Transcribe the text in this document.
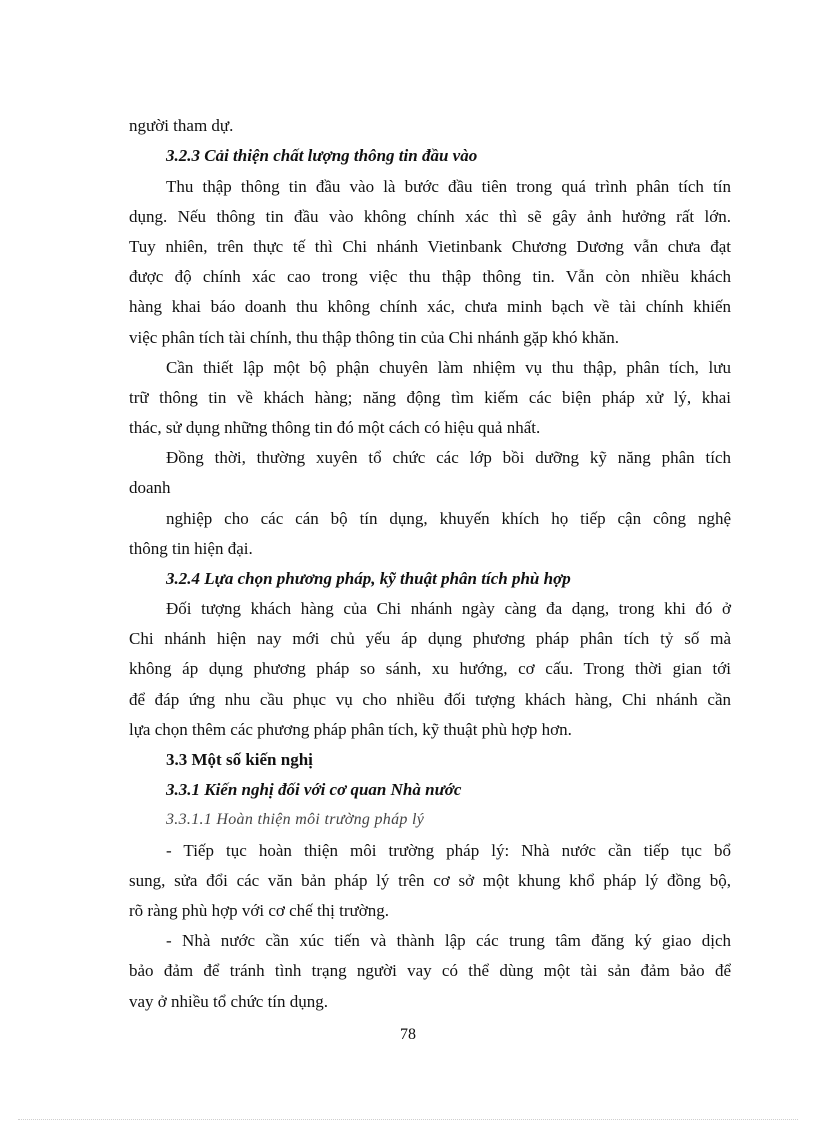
người tham dự.
3.2.3 Cải thiện chất lượng thông tin đầu vào
Thu thập thông tin đầu vào là bước đầu tiên trong quá trình phân tích tín
dụng. Nếu thông tin đầu vào không chính xác thì sẽ gây ảnh hưởng rất lớn.
Tuy nhiên, trên thực tế thì Chi nhánh Vietinbank Chương Dương vẫn chưa đạt
được độ chính xác cao trong việc thu thập thông tin. Vẫn còn nhiều khách
hàng khai báo doanh thu không chính xác, chưa minh bạch về tài chính khiến
việc phân tích tài chính, thu thập thông tin của Chi nhánh gặp khó khăn.
Cần thiết lập một bộ phận chuyên làm nhiệm vụ thu thập, phân tích, lưu
trữ thông tin về khách hàng; năng động tìm kiếm các biện pháp xử lý, khai
thác, sử dụng những thông tin đó một cách có hiệu quả nhất.
Đồng thời, thường xuyên tổ chức các lớp bồi dưỡng kỹ năng phân tích
doanh
nghiệp cho các cán bộ tín dụng, khuyến khích họ tiếp cận công nghệ
thông tin hiện đại.
3.2.4 Lựa chọn phương pháp, kỹ thuật phân tích phù hợp
Đối tượng khách hàng của Chi nhánh ngày càng đa dạng, trong khi đó ở
Chi nhánh hiện nay mới chủ yếu áp dụng phương pháp phân tích tỷ số mà
không áp dụng phương pháp so sánh, xu hướng, cơ cấu. Trong thời gian tới
để đáp ứng nhu cầu phục vụ cho nhiều đối tượng khách hàng, Chi nhánh cần
lựa chọn thêm các phương pháp phân tích, kỹ thuật phù hợp hơn.
3.3 Một số kiến nghị
3.3.1 Kiến nghị đối với cơ quan Nhà nước
3.3.1.1 Hoàn thiện môi trường pháp lý
- Tiếp tục hoàn thiện môi trường pháp lý: Nhà nước cần tiếp tục bổ
sung, sửa đổi các văn bản pháp lý trên cơ sở một khung khổ pháp lý đồng bộ,
rõ ràng phù hợp với cơ chế thị trường.
- Nhà nước cần xúc tiến và thành lập các trung tâm đăng ký giao dịch
bảo đảm để tránh tình trạng người vay có thể dùng một tài sản đảm bảo để
vay ở nhiều tổ chức tín dụng.
78
